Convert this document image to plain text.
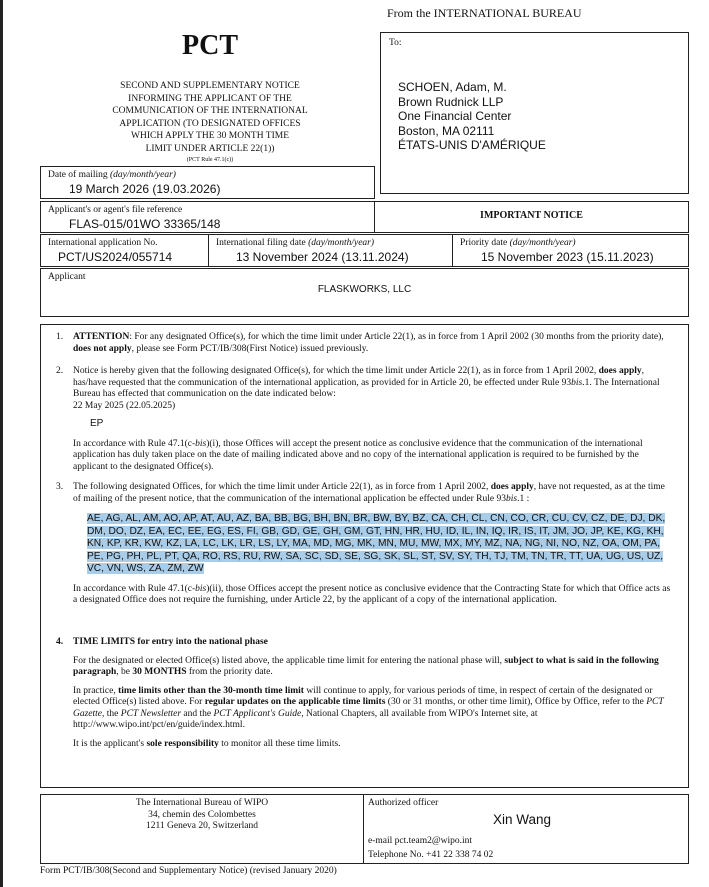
From the INTERNATIONAL BUREAU
PCT
SECOND AND SUPPLEMENTARY NOTICE
INFORMING THE APPLICANT OF THE
COMMUNICATION OF THE INTERNATIONAL
APPLICATION (TO DESIGNATED OFFICES
WHICH APPLY THE 30 MONTH TIME
LIMIT UNDER ARTICLE 22(1))
(PCT Rule 47.1(c))
To:
SCHOEN, Adam, M.
Brown Rudnick LLP
One Financial Center
Boston, MA 02111
ÉTATS-UNIS D'AMÉRIQUE
Date of mailing (day/month/year)
19 March 2026 (19.03.2026)
Applicant's or agent's file reference
FLAS-015/01WO 33365/148
IMPORTANT NOTICE
International application No.
PCT/US2024/055714
International filing date (day/month/year)
13 November 2024 (13.11.2024)
Priority date (day/month/year)
15 November 2023 (15.11.2023)
Applicant
FLASKWORKS, LLC
1. ATTENTION: For any designated Office(s), for which the time limit under Article 22(1), as in force from 1 April 2002 (30 months from the priority date), does not apply, please see Form PCT/IB/308(First Notice) issued previously.
2. Notice is hereby given that the following designated Office(s), for which the time limit under Article 22(1), as in force from 1 April 2002, does apply, has/have requested that the communication of the international application, as provided for in Article 20, be effected under Rule 93bis.1. The International Bureau has effected that communication on the date indicated below:

22 May 2025 (22.05.2025)

EP

In accordance with Rule 47.1(c-bis)(i), those Offices will accept the present notice as conclusive evidence that the communication of the international application has duly taken place on the date of mailing indicated above and no copy of the international application is required to be furnished by the applicant to the designated Office(s).

3. The following designated Offices, for which the time limit under Article 22(1), as in force from 1 April 2002, does apply, have not requested, as at the time of mailing of the present notice, that the communication of the international application be effected under Rule 93bis.1 :

AE, AG, AL, AM, AO, AP, AT, AU, AZ, BA, BB, BG, BH, BN, BR, BW, BY, BZ, CA, CH, CL, CN, CO, CR, CU, CV, CZ, DE, DJ, DK, DM, DO, DZ, EA, EC, EE, EG, ES, FI, GB, GD, GE, GH, GM, GT, HN, HR, HU, ID, IL, IN, IQ, IR, IS, IT, JM, JO, JP, KE, KG, KH, KN, KP, KR, KW, KZ, LA, LC, LK, LR, LS, LY, MA, MD, MG, MK, MN, MU, MW, MX, MY, MZ, NA, NG, NI, NO, NZ, OA, OM, PA, PE, PG, PH, PL, PT, QA, RO, RS, RU, RW, SA, SC, SD, SE, SG, SK, SL, ST, SV, SY, TH, TJ, TM, TN, TR, TT, UA, UG, US, UZ, VC, VN, WS, ZA, ZM, ZW

In accordance with Rule 47.1(c-bis)(ii), those Offices accept the present notice as conclusive evidence that the Contracting State for which that Office acts as a designated Office does not require the furnishing, under Article 22, by the applicant of a copy of the international application.

4. TIME LIMITS for entry into the national phase

For the designated or elected Office(s) listed above, the applicable time limit for entering the national phase will, subject to what is said in the following paragraph, be 30 MONTHS from the priority date.

In practice, time limits other than the 30-month time limit will continue to apply, for various periods of time, in respect of certain of the designated or elected Office(s) listed above. For regular updates on the applicable time limits (30 or 31 months, or other time limit), Office by Office, refer to the PCT Gazette, the PCT Newsletter and the PCT Applicant's Guide, National Chapters, all available from WIPO's Internet site, at http://www.wipo.int/pct/en/guide/index.html.

It is the applicant's sole responsibility to monitor all these time limits.

The International Bureau of WIPO
34, chemin des Colombettes
1211 Geneva 20, Switzerland
Authorized officer
Xin Wang
e-mail pct.team2@wipo.int
Telephone No. +41 22 338 74 02
Form PCT/IB/308(Second and Supplementary Notice) (revised January 2020)
